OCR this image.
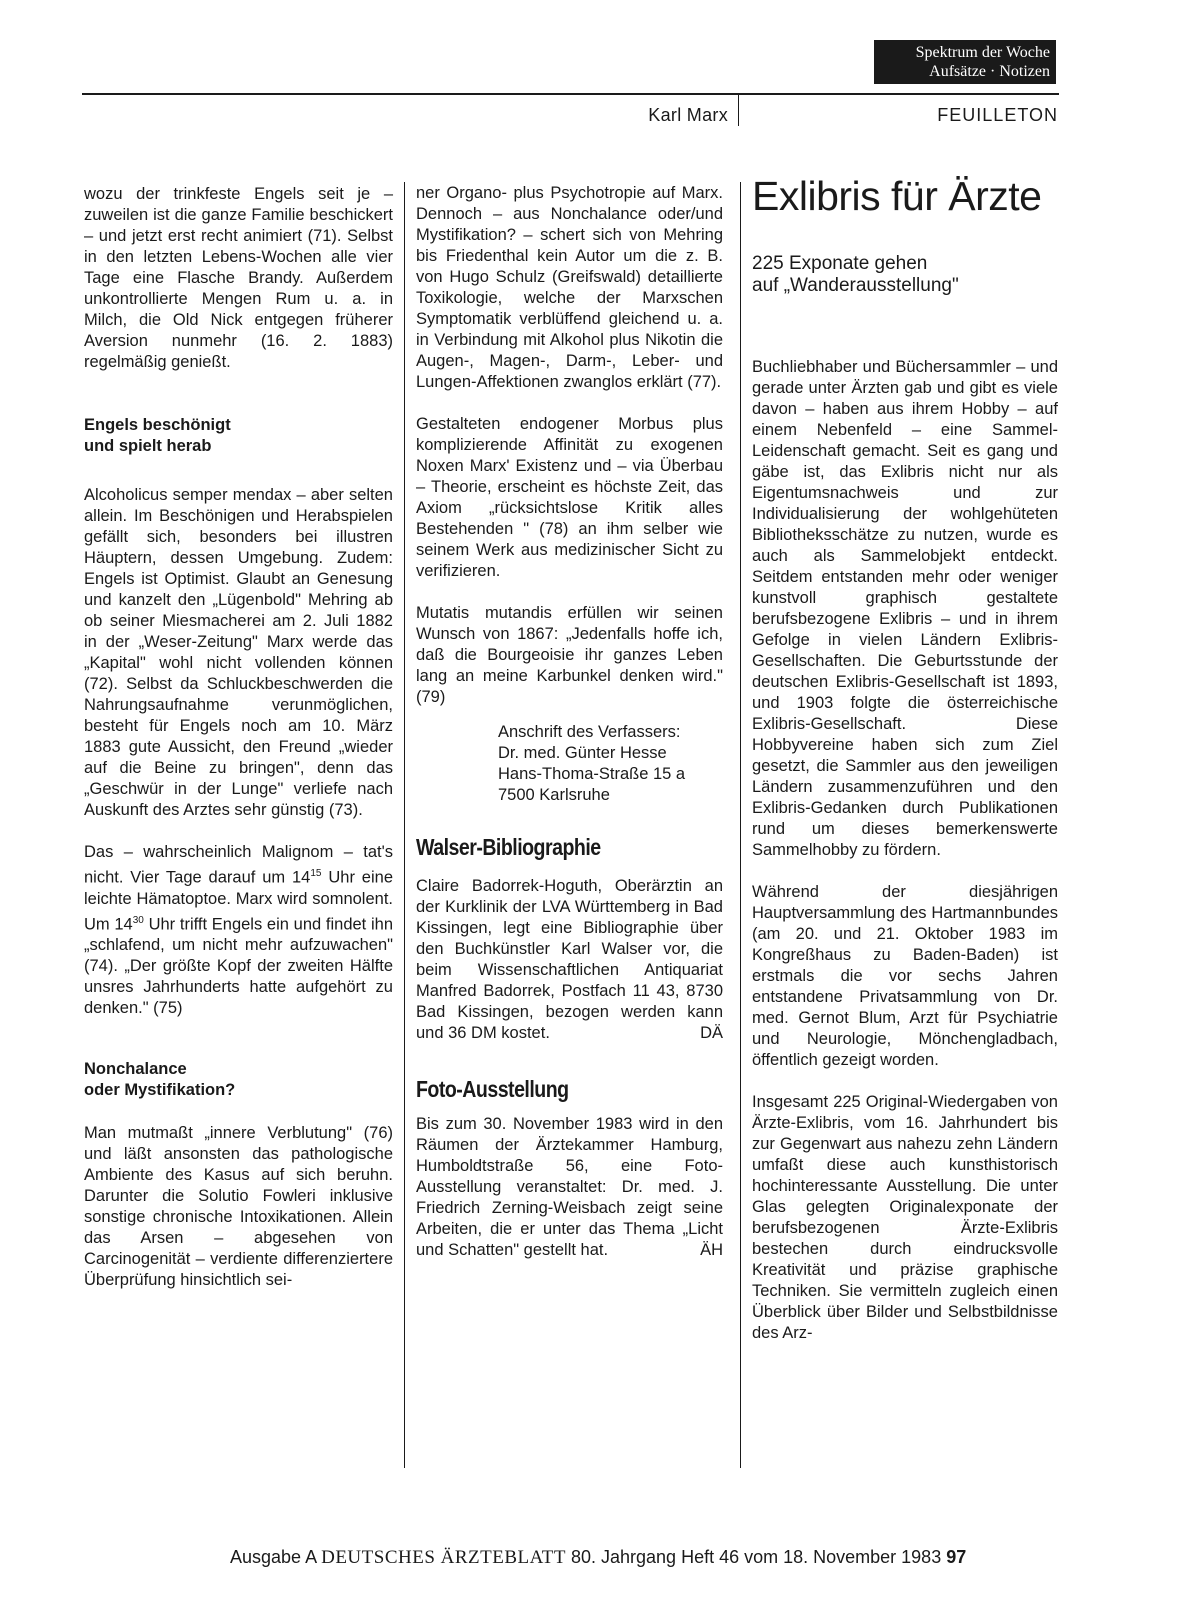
Spektrum der Woche
Aufsätze · Notizen
Karl Marx	FEUILLETON

wozu der trinkfeste Engels seit je – zuweilen ist die ganze Familie beschickert – und jetzt erst recht animiert (71). Selbst in den letzten Lebens-Wochen alle vier Tage eine Flasche Brandy. Außerdem unkontrollierte Mengen Rum u. a. in Milch, die Old Nick entgegen früherer Aversion nunmehr (16. 2. 1883) regelmäßig genießt.

Engels beschönigt
und spielt herab

Alcoholicus semper mendax – aber selten allein. Im Beschönigen und Herabspielen gefällt sich, besonders bei illustren Häuptern, dessen Umgebung. Zudem: Engels ist Optimist. Glaubt an Genesung und kanzelt den „Lügenbold" Mehring ab ob seiner Miesmacherei am 2. Juli 1882 in der „Weser-Zeitung" Marx werde das „Kapital" wohl nicht vollenden können (72). Selbst da Schluckbeschwerden die Nahrungsaufnahme verunmöglichen, besteht für Engels noch am 10. März 1883 gute Aussicht, den Freund „wieder auf die Beine zu bringen", denn das „Geschwür in der Lunge" verliefe nach Auskunft des Arztes sehr günstig (73).

Das – wahrscheinlich Malignom – tat's nicht. Vier Tage darauf um $14^{15}$ Uhr eine leichte Hämatoptoe. Marx wird somnolent. Um $14^{30}$ Uhr trifft Engels ein und findet ihn „schlafend, um nicht mehr aufzuwachen" (74). „Der größte Kopf der zweiten Hälfte unsres Jahrhunderts hatte aufgehört zu denken." (75)

Nonchalance
oder Mystifikation?

Man mutmaßt „innere Verblutung" (76) und läßt ansonsten das pathologische Ambiente des Kasus auf sich beruhn. Darunter die Solutio Fowleri inklusive sonstige chronische Intoxikationen. Allein das Arsen – abgesehen von Carcinogenität – verdiente differenziertere Überprüfung hinsichtlich sei-

ner Organo- plus Psychotropie auf Marx. Dennoch – aus Nonchalance oder/und Mystifikation? – schert sich von Mehring bis Friedenthal kein Autor um die z. B. von Hugo Schulz (Greifswald) detaillierte Toxikologie, welche der Marxschen Symptomatik verblüffend gleichend u. a. in Verbindung mit Alkohol plus Nikotin die Augen-, Magen-, Darm-, Leber- und Lungen-Affektionen zwanglos erklärt (77).

Gestalteten endogener Morbus plus komplizierende Affinität zu exogenen Noxen Marx' Existenz und – via Überbau – Theorie, erscheint es höchste Zeit, das Axiom „rücksichtslose Kritik alles Bestehenden " (78) an ihm selber wie seinem Werk aus medizinischer Sicht zu verifizieren.

Mutatis mutandis erfüllen wir seinen Wunsch von 1867: „Jedenfalls hoffe ich, daß die Bourgeoisie ihr ganzes Leben lang an meine Karbunkel denken wird." (79)

Anschrift des Verfassers:
Dr. med. Günter Hesse
Hans-Thoma-Straße 15 a
7500 Karlsruhe
Walser-Bibliographie

Claire Badorrek-Hoguth, Oberärztin an der Kurklinik der LVA Württemberg in Bad Kissingen, legt eine Bibliographie über den Buchkünstler Karl Walser vor, die beim Wissenschaftlichen Antiquariat Manfred Badorrek, Postfach 11 43, 8730 Bad Kissingen, bezogen werden kann und 36 DM kostet.	DÄ

Foto-Ausstellung

Bis zum 30. November 1983 wird in den Räumen der Ärztekammer Hamburg, Humboldtstraße 56, eine Foto-Ausstellung veranstaltet: Dr. med. J. Friedrich Zerning-Weisbach zeigt seine Arbeiten, die er unter das Thema „Licht und Schatten" gestellt hat.	ÄH

Exlibris für Ärzte

225 Exponate gehen
auf „Wanderausstellung"

Buchliebhaber und Büchersammler – und gerade unter Ärzten gab und gibt es viele davon – haben aus ihrem Hobby – auf einem Nebenfeld – eine Sammel-Leidenschaft gemacht. Seit es gang und gäbe ist, das Exlibris nicht nur als Eigentumsnachweis und zur Individualisierung der wohlgehüteten Bibliotheksschätze zu nutzen, wurde es auch als Sammelobjekt entdeckt. Seitdem entstanden mehr oder weniger kunstvoll graphisch gestaltete berufsbezogene Exlibris – und in ihrem Gefolge in vielen Ländern Exlibris-Gesellschaften. Die Geburtsstunde der deutschen Exlibris-Gesellschaft ist 1893, und 1903 folgte die österreichische Exlibris-Gesellschaft. Diese Hobbyvereine haben sich zum Ziel gesetzt, die Sammler aus den jeweiligen Ländern zusammenzuführen und den Exlibris-Gedanken durch Publikationen rund um dieses bemerkenswerte Sammelhobby zu fördern.

Während der diesjährigen Hauptversammlung des Hartmannbundes (am 20. und 21. Oktober 1983 im Kongreßhaus zu Baden-Baden) ist erstmals die vor sechs Jahren entstandene Privatsammlung von Dr. med. Gernot Blum, Arzt für Psychiatrie und Neurologie, Mönchengladbach, öffentlich gezeigt worden.

Insgesamt 225 Original-Wiedergaben von Ärzte-Exlibris, vom 16. Jahrhundert bis zur Gegenwart aus nahezu zehn Ländern umfaßt diese auch kunsthistorisch hochinteressante Ausstellung. Die unter Glas gelegten Originalexponate der berufsbezogenen Ärzte-Exlibris bestechen durch eindrucksvolle Kreativität und präzise graphische Techniken. Sie vermitteln zugleich einen Überblick über Bilder und Selbstbildnisse des Arz-

Ausgabe A DEUTSCHES ÄRZTEBLATT 80. Jahrgang Heft 46 vom 18. November 1983 97
